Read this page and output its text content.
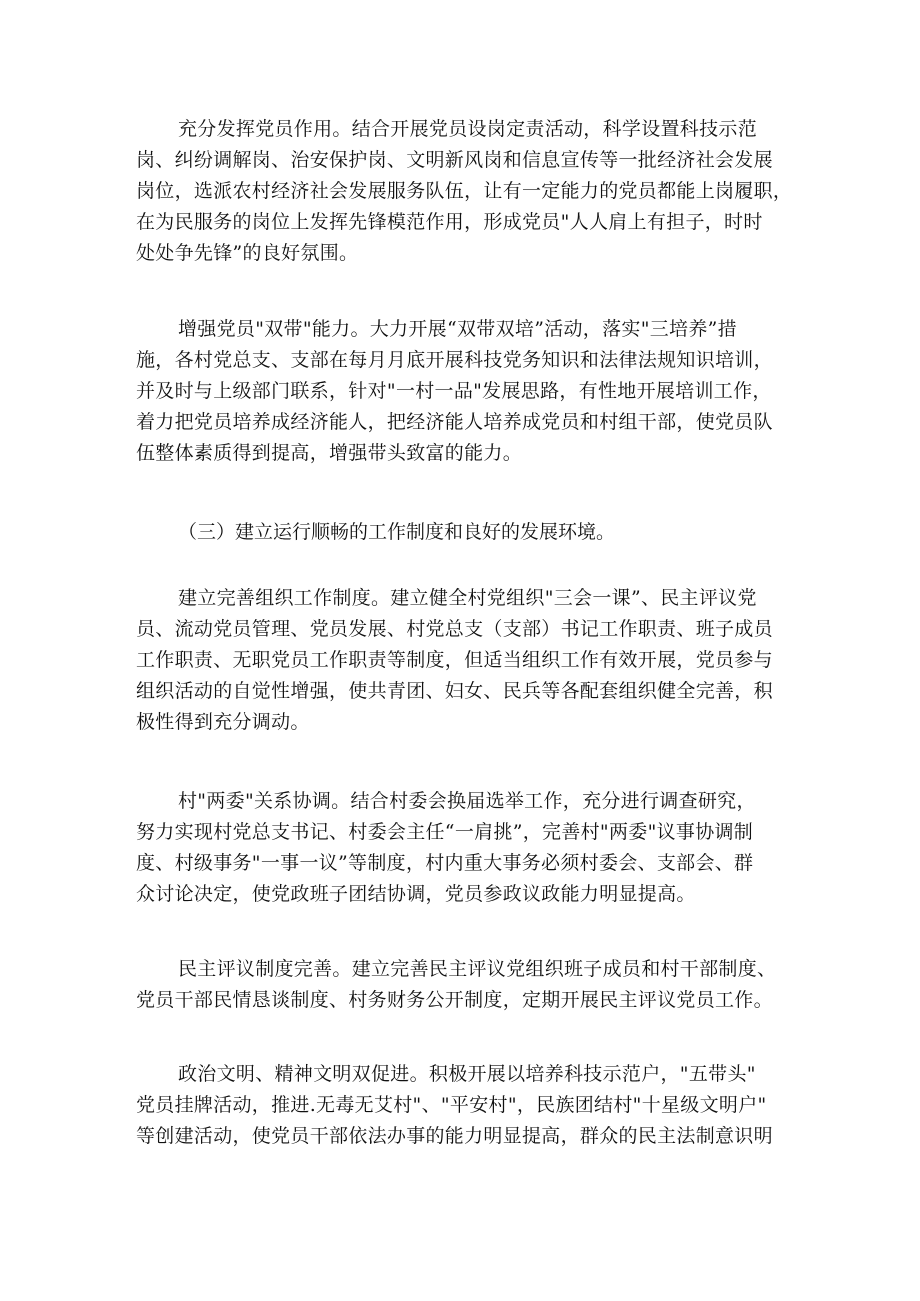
充分发挥党员作用。结合开展党员设岗定责活动，科学设置科技示范
岗、纠纷调解岗、治安保护岗、文明新风岗和信息宣传等一批经济社会发展
岗位，选派农村经济社会发展服务队伍，让有一定能力的党员都能上岗履职，
在为民服务的岗位上发挥先锋模范作用，形成党员"人人肩上有担子，时时
处处争先锋”的良好氛围。
增强党员"双带"能力。大力开展“双带双培”活动，落实"三培养”措
施，各村党总支、支部在每月月底开展科技党务知识和法律法规知识培训，
并及时与上级部门联系，针对"一村一品"发展思路，有性地开展培训工作，
着力把党员培养成经济能人，把经济能人培养成党员和村组干部，使党员队
伍整体素质得到提高，增强带头致富的能力。
（三）建立运行顺畅的工作制度和良好的发展环境。
建立完善组织工作制度。建立健全村党组织"三会一课”、民主评议党
员、流动党员管理、党员发展、村党总支（支部）书记工作职责、班子成员
工作职责、无职党员工作职责等制度，但适当组织工作有效开展，党员参与
组织活动的自觉性增强，使共青团、妇女、民兵等各配套组织健全完善，积
极性得到充分调动。
村"两委"关系协调。结合村委会换届选举工作，充分进行调查研究，
努力实现村党总支书记、村委会主任“一肩挑”，完善村"两委"议事协调制
度、村级事务"一事一议”等制度，村内重大事务必须村委会、支部会、群
众讨论决定，使党政班子团结协调，党员参政议政能力明显提高。
民主评议制度完善。建立完善民主评议党组织班子成员和村干部制度、
党员干部民情恳谈制度、村务财务公开制度，定期开展民主评议党员工作。
政治文明、精神文明双促进。积极开展以培养科技示范户，"五带头"
党员挂牌活动，推进.无毒无艾村"、"平安村"，民族团结村"十星级文明户"
等创建活动，使党员干部依法办事的能力明显提高，群众的民主法制意识明
